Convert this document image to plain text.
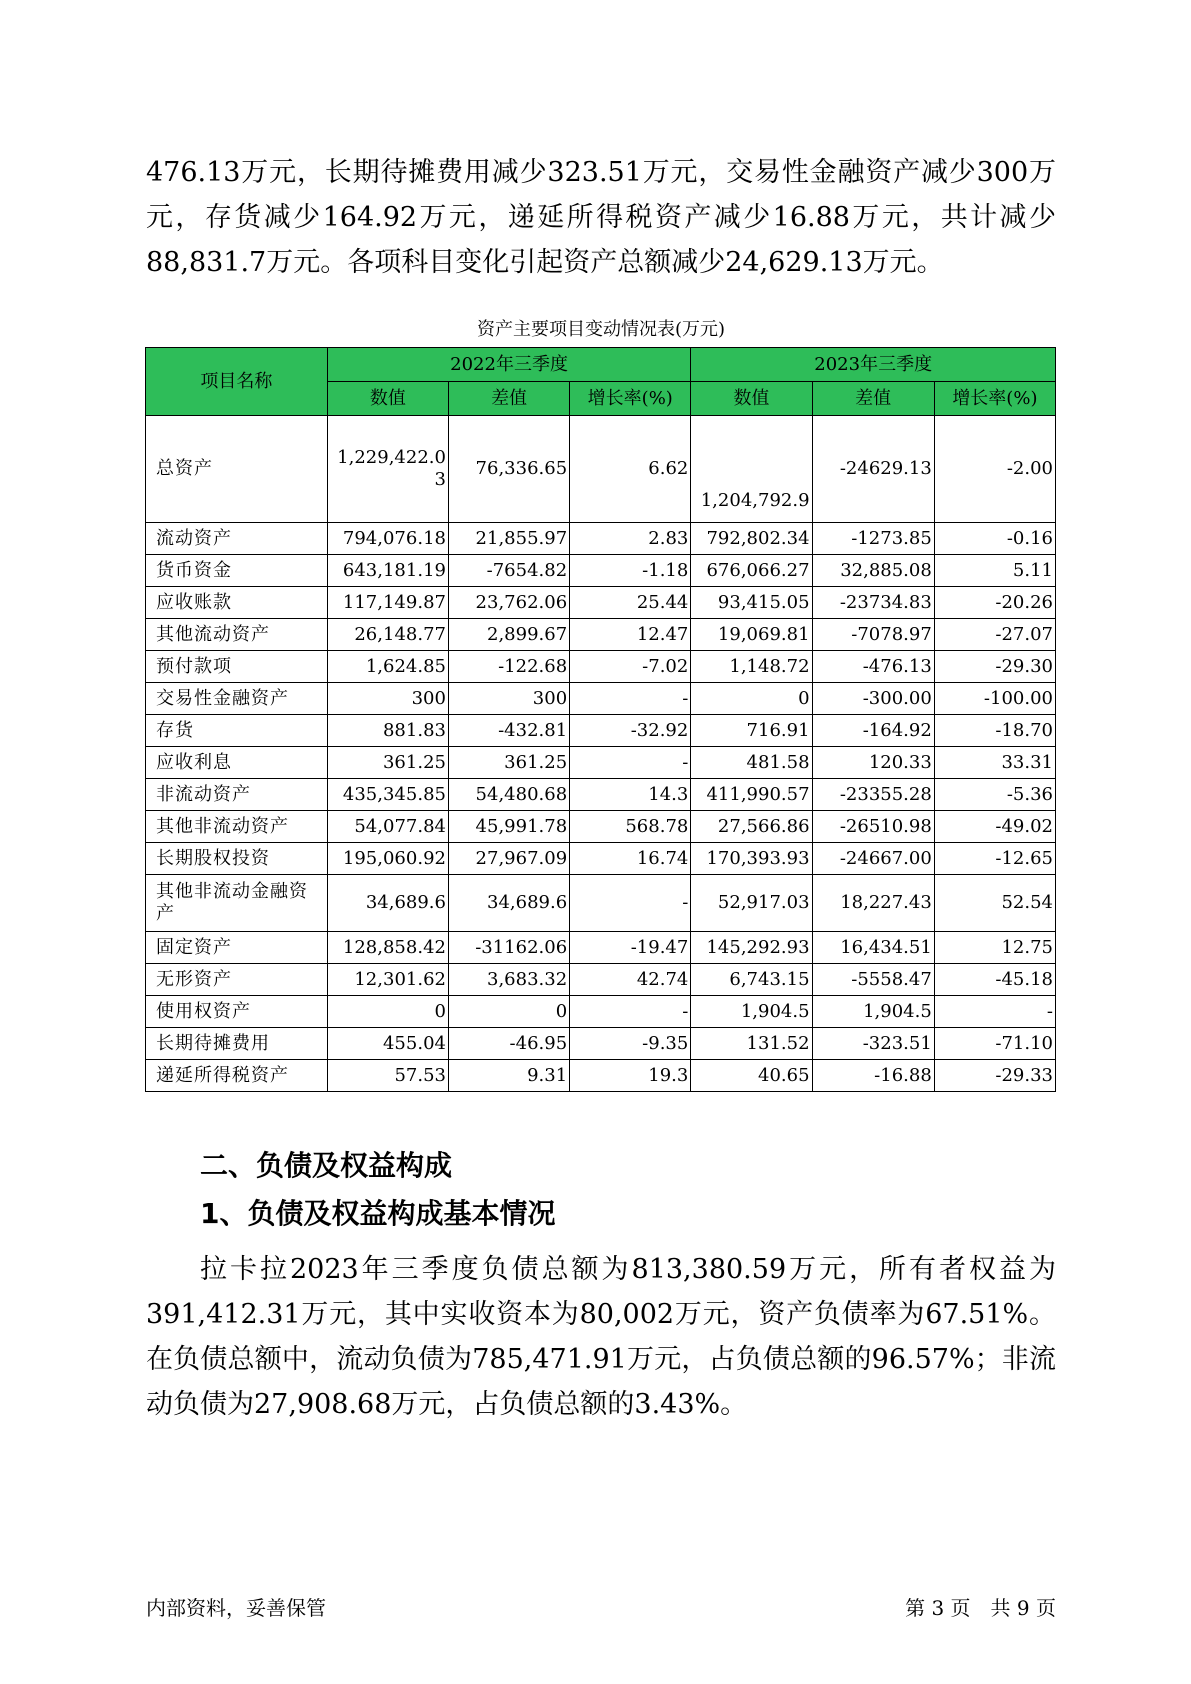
476.13万元，长期待摊费用减少323.51万元，交易性金融资产减少300万元，存货减少164.92万元，递延所得税资产减少16.88万元，共计减少88,831.7万元。各项科目变化引起资产总额减少24,629.13万元。

资产主要项目变动情况表(万元)
项目名称	2022年三季度			2023年三季度		
	数值	差值	增长率(%)	数值	差值	增长率(%)
总资产	1,229,422.03	76,336.65	6.62	1,204,792.9	-24629.13	-2.00
流动资产	794,076.18	21,855.97	2.83	792,802.34	-1273.85	-0.16
货币资金	643,181.19	-7654.82	-1.18	676,066.27	32,885.08	5.11
应收账款	117,149.87	23,762.06	25.44	93,415.05	-23734.83	-20.26
其他流动资产	26,148.77	2,899.67	12.47	19,069.81	-7078.97	-27.07
预付款项	1,624.85	-122.68	-7.02	1,148.72	-476.13	-29.30
交易性金融资产	300	300	-	0	-300.00	-100.00
存货	881.83	-432.81	-32.92	716.91	-164.92	-18.70
应收利息	361.25	361.25	-	481.58	120.33	33.31
非流动资产	435,345.85	54,480.68	14.3	411,990.57	-23355.28	-5.36
其他非流动资产	54,077.84	45,991.78	568.78	27,566.86	-26510.98	-49.02
长期股权投资	195,060.92	27,967.09	16.74	170,393.93	-24667.00	-12.65
其他非流动金融资产	34,689.6	34,689.6	-	52,917.03	18,227.43	52.54
固定资产	128,858.42	-31162.06	-19.47	145,292.93	16,434.51	12.75
无形资产	12,301.62	3,683.32	42.74	6,743.15	-5558.47	-45.18
使用权资产	0	0	-	1,904.5	1,904.5	-
长期待摊费用	455.04	-46.95	-9.35	131.52	-323.51	-71.10
递延所得税资产	57.53	9.31	19.3	40.65	-16.88	-29.33
二、负债及权益构成
1、负债及权益构成基本情况

拉卡拉2023年三季度负债总额为813,380.59万元，所有者权益为391,412.31万元，其中实收资本为80,002万元，资产负债率为67.51%。在负债总额中，流动负债为785,471.91万元，占负债总额的96.57%；非流动负债为27,908.68万元，占负债总额的3.43%。

内部资料，妥善保管	第 3 页　共 9 页
